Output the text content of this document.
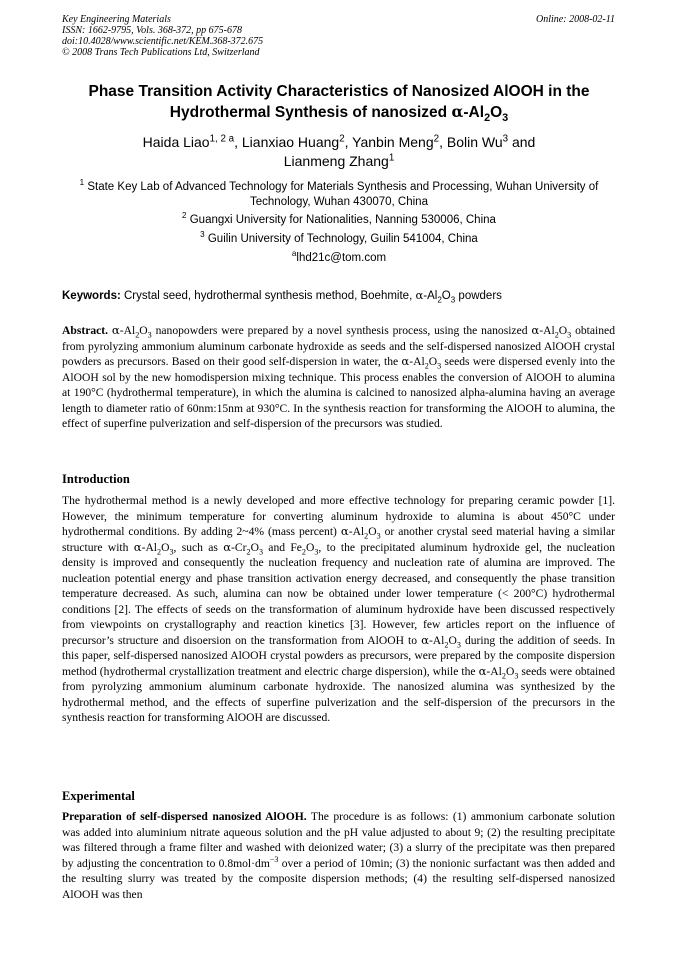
Key Engineering Materials
ISSN: 1662-9795, Vols. 368-372, pp 675-678
doi:10.4028/www.scientific.net/KEM.368-372.675
© 2008 Trans Tech Publications Ltd, Switzerland
Online: 2008-02-11
Phase Transition Activity Characteristics of Nanosized AlOOH in the
Hydrothermal Synthesis of nanosized $\alpha-Al_2O_3$
Haida Liao$^{1, 2 a}$, Lianxiao Huang$^2$, Yanbin Meng$^2$, Bolin Wu$^3$ and
Lianmeng Zhang$^1$
$^1$ State Key Lab of Advanced Technology for Materials Synthesis and Processing, Wuhan University of Technology, Wuhan 430070, China
$^2$ Guangxi University for Nationalities, Nanning 530006, China
$^3$ Guilin University of Technology, Guilin 541004, China
$^a$lhd21c@tom.com
Keywords: Crystal seed, hydrothermal synthesis method, Boehmite, $\alpha-Al_2O_3$ powders
Abstract. $\alpha-Al_2O_3$ nanopowders were prepared by a novel synthesis process, using the nanosized $\alpha-Al_2O_3$ obtained from pyrolyzing ammonium aluminum carbonate hydroxide as seeds and the self-dispersed nanosized AlOOH crystal powders as precursors. Based on their good self-dispersion in water, the $\alpha-Al_2O_3$ seeds were dispersed evenly into the AlOOH sol by the new homodispersion mixing technique. This process enables the conversion of AlOOH to alumina at 190°C (hydrothermal temperature), in which the alumina is calcined to nanosized alpha-alumina having an average length to diameter ratio of 60nm:15nm at 930°C. In the synthesis reaction for transforming the AlOOH to alumina, the effect of superfine pulverization and self-dispersion of the precursors was studied.
Introduction
The hydrothermal method is a newly developed and more effective technology for preparing ceramic powder [1]. However, the minimum temperature for converting aluminum hydroxide to alumina is about 450°C under hydrothermal conditions. By adding 2~4% (mass percent) $\alpha-Al_2O_3$ or another crystal seed material having a similar structure with $\alpha-Al_2O_3$, such as $\alpha-Cr_2O_3$ and $Fe_2O_3$, to the precipitated aluminum hydroxide gel, the nucleation density is improved and consequently the nucleation frequency and nucleation rate of alumina are improved. The nucleation potential energy and phase transition activation energy decreased, and consequently the phase transition temperature decreased. As such, alumina can now be obtained under lower temperature (< 200°C) hydrothermal conditions [2]. The effects of seeds on the transformation of aluminum hydroxide have been discussed respectively from viewpoints on crystallography and reaction kinetics [3]. However, few articles report on the influence of precursor’s structure and disoersion on the transformation from AlOOH to $\alpha-Al_2O_3$ during the addition of seeds. In this paper, self-dispersed nanosized AlOOH crystal powders as precursors, were prepared by the composite dispersion method (hydrothermal crystallization treatment and electric charge dispersion), while the $\alpha-Al_2O_3$ seeds were obtained from pyrolyzing ammonium aluminum carbonate hydroxide. The nanosized alumina was synthesized by the hydrothermal method, and the effects of superfine pulverization and the self-dispersion of the precursors in the synthesis reaction for transforming AlOOH are discussed.
Experimental
Preparation of self-dispersed nanosized AlOOH. The procedure is as follows: (1) ammonium carbonate solution was added into aluminium nitrate aqueous solution and the pH value adjusted to about 9; (2) the resulting precipitate was filtered through a frame filter and washed with deionized water; (3) a slurry of the precipitate was then prepared by adjusting the concentration to $0.8mol\cdot dm^{-3}$ over a period of 10min; (3) the nonionic surfactant was then added and the resulting slurry was treated by the composite dispersion methods; (4) the resulting self-dispersed nanosized AlOOH was then
